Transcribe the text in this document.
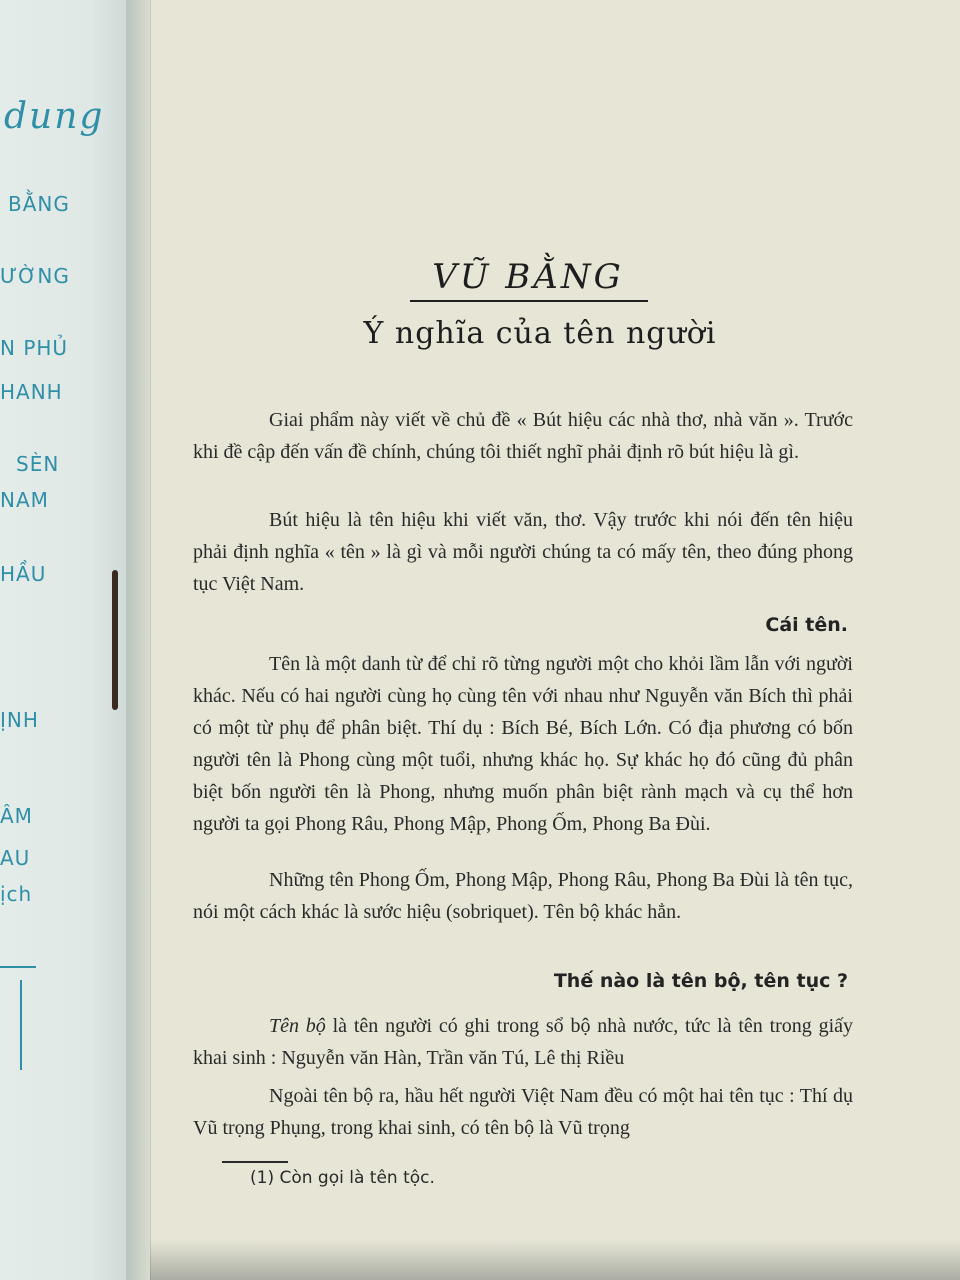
dung
BẰNG
ƯỜNG
N PHỦ
HANH
SÈN
NAM
HẦU
ỊNH
ÂM
AU
ịch
VŨ BẰNG
Ý nghĩa của tên người

Giai phẩm này viết về chủ đề « Bút hiệu các nhà thơ, nhà văn ». Trước khi đề cập đến vấn đề chính, chúng tôi thiết nghĩ phải định rõ bút hiệu là gì.

Bút hiệu là tên hiệu khi viết văn, thơ. Vậy trước khi nói đến tên hiệu phải định nghĩa « tên » là gì và mỗi người chúng ta có mấy tên, theo đúng phong tục Việt Nam.

Cái tên.

Tên là một danh từ để chỉ rõ từng người một cho khỏi lầm lẫn với người khác. Nếu có hai người cùng họ cùng tên với nhau như Nguyễn văn Bích thì phải có một từ phụ để phân biệt. Thí dụ : Bích Bé, Bích Lớn. Có địa phương có bốn người tên là Phong cùng một tuổi, nhưng khác họ. Sự khác họ đó cũng đủ phân biệt bốn người tên là Phong, nhưng muốn phân biệt rành mạch và cụ thể hơn người ta gọi Phong Râu, Phong Mập, Phong Ốm, Phong Ba Đùi.

Những tên Phong Ốm, Phong Mập, Phong Râu, Phong Ba Đùi là tên tục, nói một cách khác là sước hiệu (sobriquet). Tên bộ khác hẳn.

Thế nào là tên bộ, tên tục ?

Tên bộ là tên người có ghi trong sổ bộ nhà nước, tức là tên trong giấy khai sinh : Nguyễn văn Hàn, Trần văn Tú, Lê thị Riều

Ngoài tên bộ ra, hầu hết người Việt Nam đều có một hai tên tục : Thí dụ Vũ trọng Phụng, trong khai sinh, có tên bộ là Vũ trọng

(1) Còn gọi là tên tộc.
